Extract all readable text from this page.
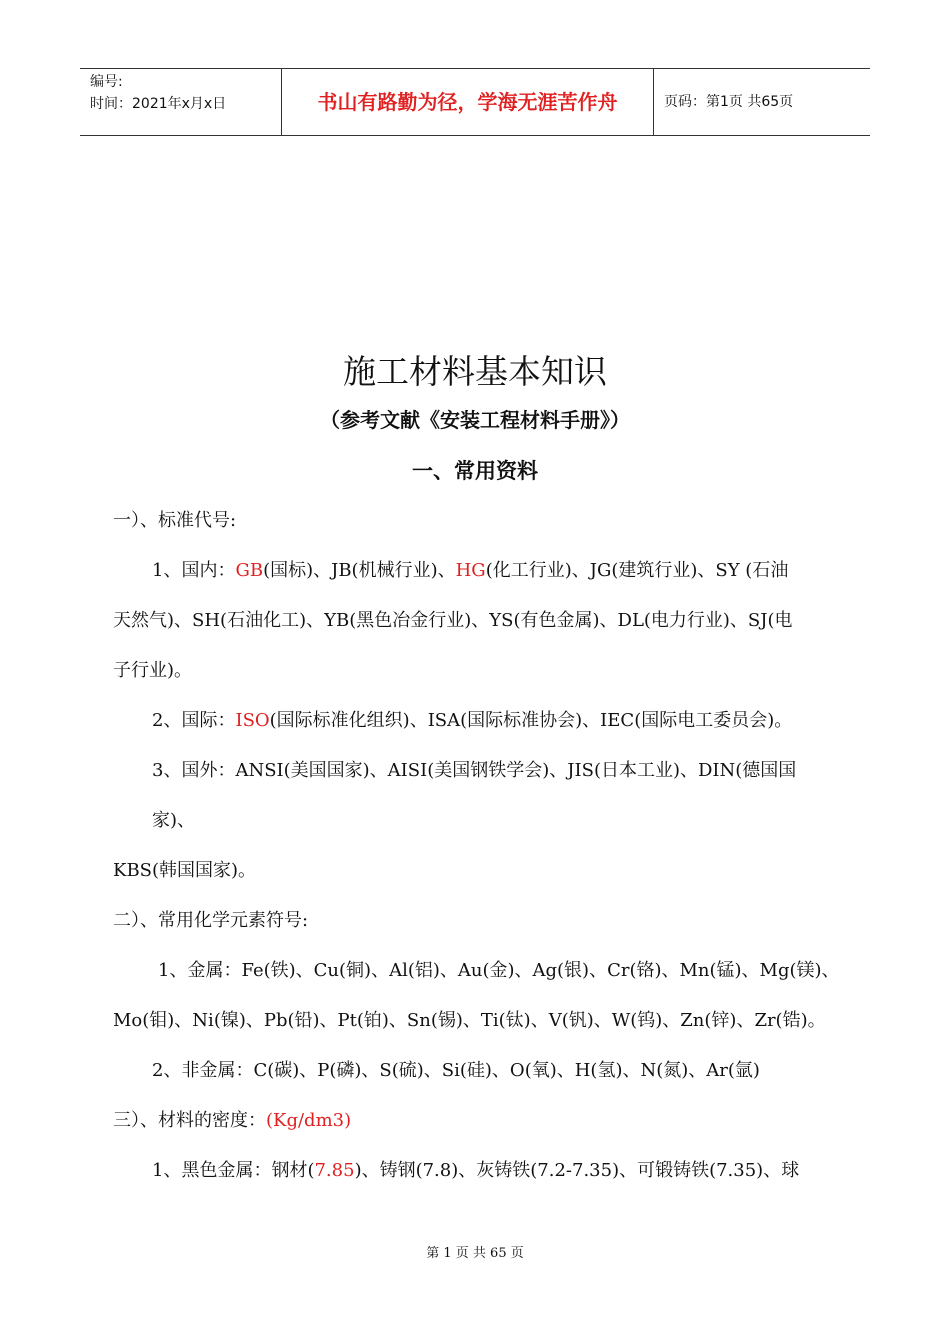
编号:
时间：2021年x月x日	书山有路勤为径，学海无涯苦作舟	页码：第1页 共65页
施工材料基本知识
（参考文献《安装工程材料手册》）
一、常用资料
一）、标准代号:
1、国内：GB(国标)、JB(机械行业)、HG(化工行业)、JG(建筑行业)、SY (石油
天然气)、SH(石油化工)、YB(黑色冶金行业)、YS(有色金属)、DL(电力行业)、SJ(电
子行业)。
2、国际：ISO(国际标准化组织)、ISA(国际标准协会)、IEC(国际电工委员会)。
3、国外：ANSI(美国国家)、AISI(美国钢铁学会)、JIS(日本工业)、DIN(德国国
家)、
KBS(韩国国家)。
二）、常用化学元素符号:
1、金属：Fe(铁)、Cu(铜)、Al(铝)、Au(金)、Ag(银)、Cr(铬)、Mn(锰)、Mg(镁)、
Mo(钼)、Ni(镍)、Pb(铅)、Pt(铂)、Sn(锡)、Ti(钛)、V(钒)、W(钨)、Zn(锌)、Zr(锆)。
2、非金属：C(碳)、P(磷)、S(硫)、Si(硅)、O(氧)、H(氢)、N(氮)、Ar(氩)
三）、材料的密度：(Kg/dm3)
1、黑色金属：钢材(7.85)、铸钢(7.8)、灰铸铁(7.2-7.35)、可锻铸铁(7.35)、球
第 1 页 共 65 页
